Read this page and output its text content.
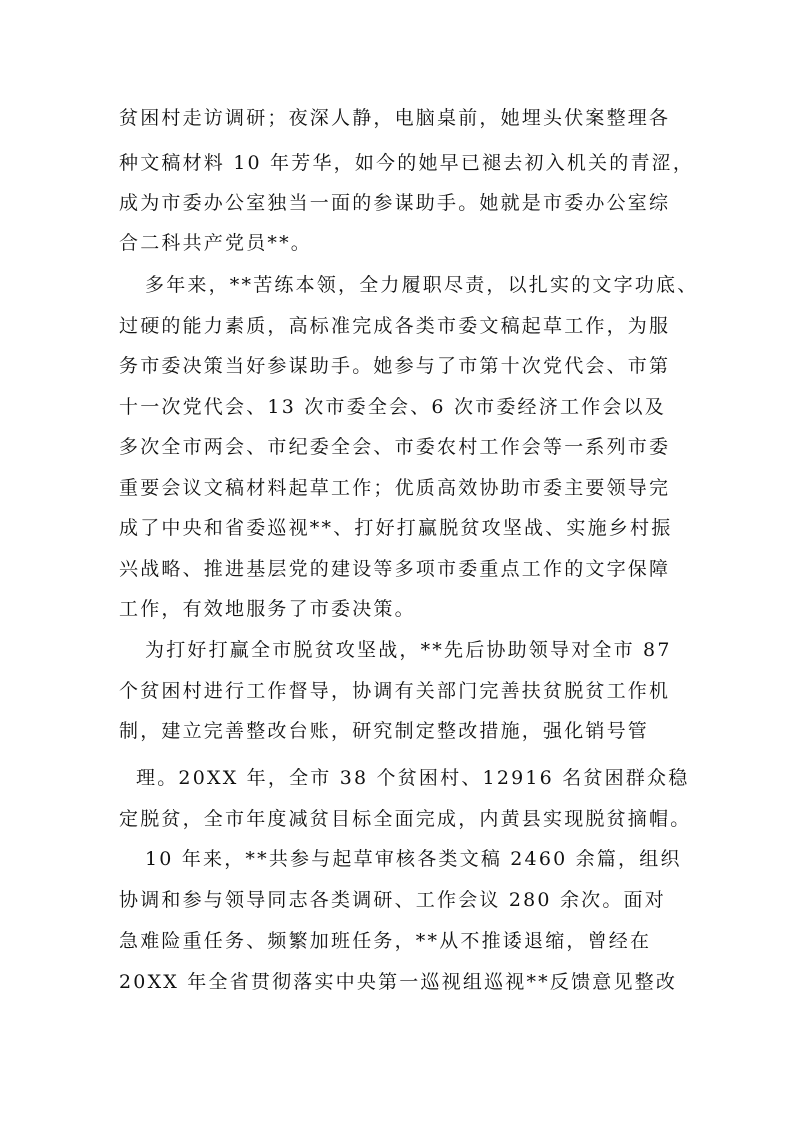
贫困村走访调研；夜深人静，电脑桌前，她埋头伏案整理各
种文稿材料 10 年芳华，如今的她早已褪去初入机关的青涩，
成为市委办公室独当一面的参谋助手。她就是市委办公室综
合二科共产党员**。
多年来，**苦练本领，全力履职尽责，以扎实的文字功底、
过硬的能力素质，高标准完成各类市委文稿起草工作，为服
务市委决策当好参谋助手。她参与了市第十次党代会、市第
十一次党代会、13 次市委全会、6 次市委经济工作会以及
多次全市两会、市纪委全会、市委农村工作会等一系列市委
重要会议文稿材料起草工作；优质高效协助市委主要领导完
成了中央和省委巡视**、打好打赢脱贫攻坚战、实施乡村振
兴战略、推进基层党的建设等多项市委重点工作的文字保障
工作，有效地服务了市委决策。
为打好打赢全市脱贫攻坚战，**先后协助领导对全市 87
个贫困村进行工作督导，协调有关部门完善扶贫脱贫工作机
制，建立完善整改台账，研究制定整改措施，强化销号管
理。20XX 年，全市 38 个贫困村、12916 名贫困群众稳
定脱贫，全市年度减贫目标全面完成，内黄县实现脱贫摘帽。
10 年来，**共参与起草审核各类文稿 2460 余篇，组织
协调和参与领导同志各类调研、工作会议 280 余次。面对
急难险重任务、频繁加班任务，**从不推诿退缩，曾经在
20XX 年全省贯彻落实中央第一巡视组巡视**反馈意见整改
